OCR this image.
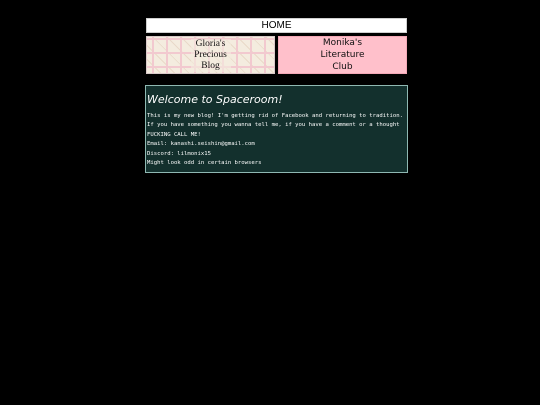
HOME
Gloria's
Precious
Blog
Monika's
Literature
Club
Welcome to Spaceroom!

This is my new blog! I'm getting rid of Facebook and returning to tradition. If you have something you wanna tell me, if you have a comment or a thought FUCKING CALL ME!

Email: kanashi.seishin@gmail.com

Discord: lilmonix15

Might look odd in certain browsers
